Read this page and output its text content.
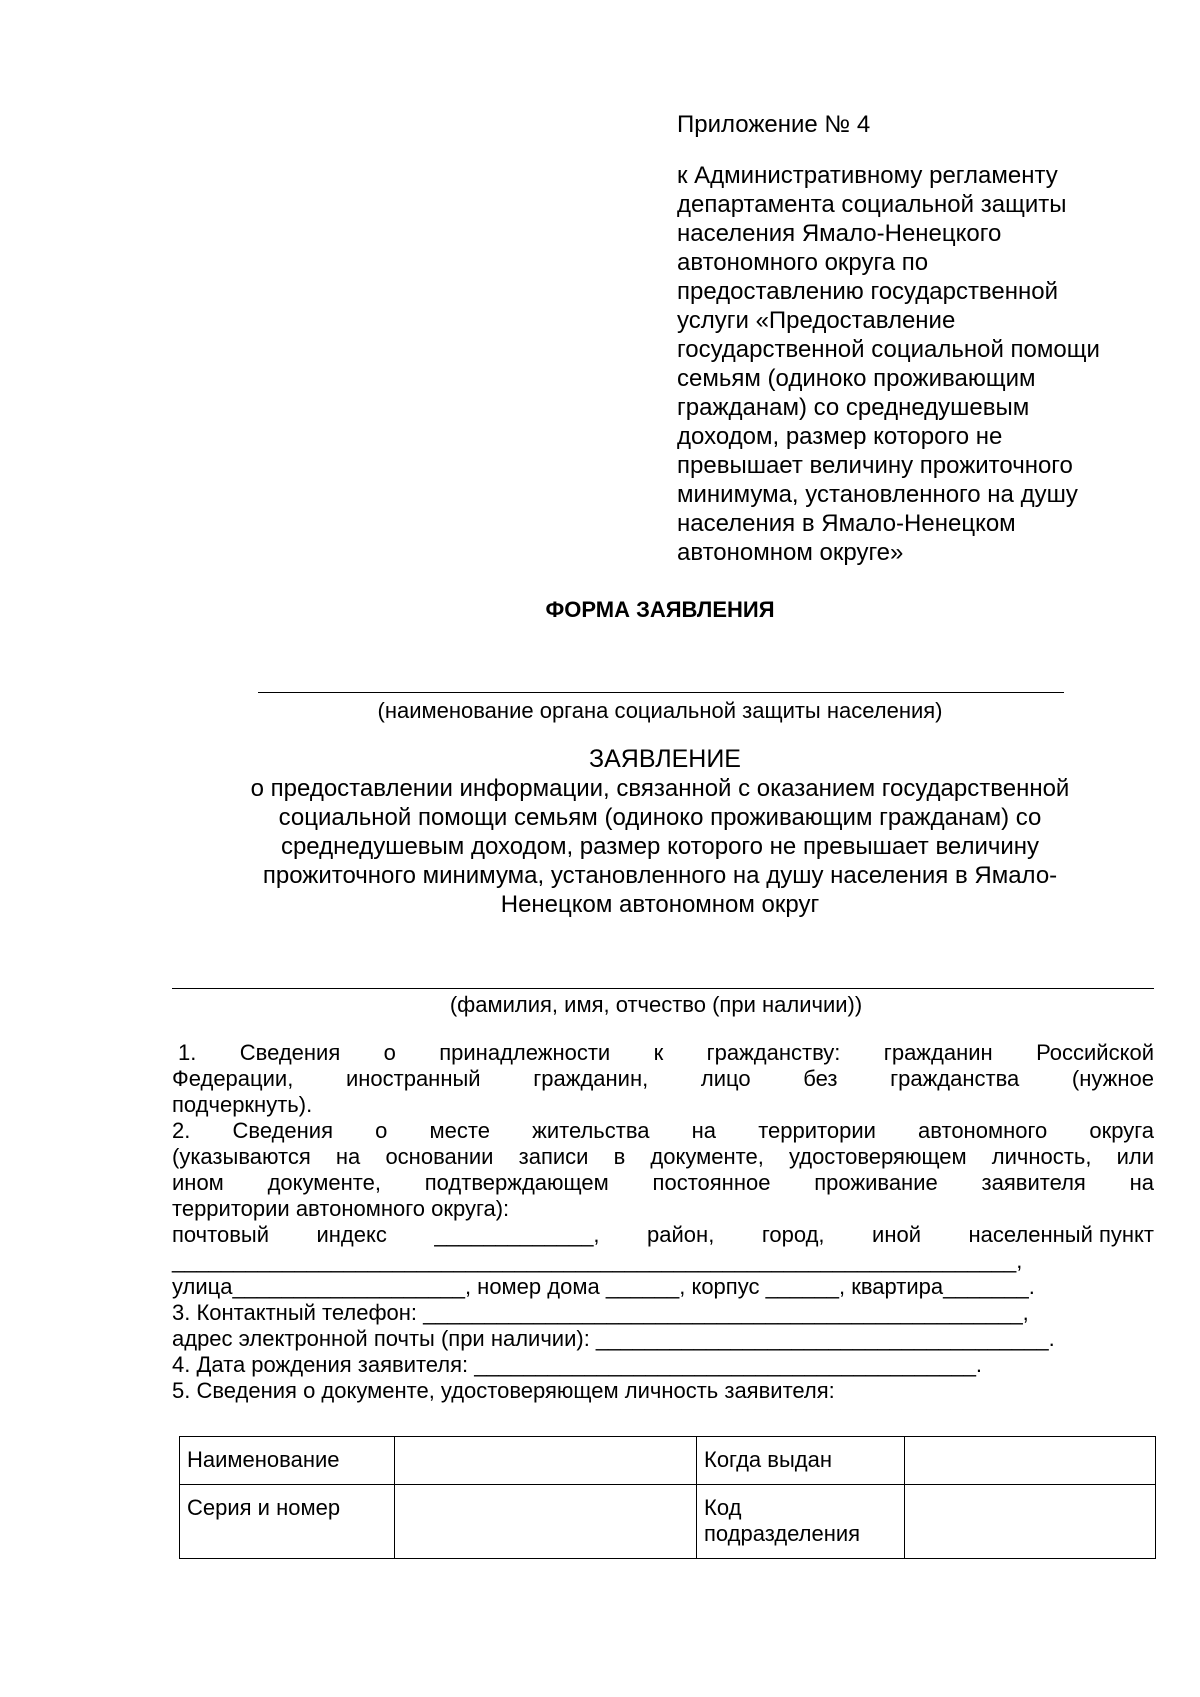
Приложение № 4
к Административному регламенту
департамента социальной защиты
населения Ямало-Ненецкого
автономного округа по
предоставлению государственной
услуги «Предоставление
государственной социальной помощи
семьям (одиноко проживающим
гражданам) со среднедушевым
доходом, размер которого не
превышает величину прожиточного
минимума, установленного на душу
населения в Ямало-Ненецком
автономном округе»
ФОРМА ЗАЯВЛЕНИЯ
(наименование органа социальной защиты населения)
ЗАЯВЛЕНИЕ
о предоставлении информации, связанной с оказанием государственной
социальной помощи семьям (одиноко проживающим гражданам) со
среднедушевым доходом, размер которого не превышает величину
прожиточного минимума, установленного на душу населения в Ямало-
Ненецком автономном округ
(фамилия, имя, отчество (при наличии))
1. Сведения о принадлежности к гражданству: гражданин Российской
Федерации, иностранный гражданин, лицо без гражданства (нужное
подчеркнуть).
2. Сведения о месте жительства на территории автономного округа
(указываются на основании записи в документе, удостоверяющем личность, или
ином документе, подтверждающем постоянное проживание заявителя на
территории автономного округа):
почтовый индекс _____________, район, город, иной населенный пункт
_____________________________________________________________________,
улица___________________, номер дома ______, корпус ______, квартира_______.
3. Контактный телефон: _________________________________________________,
адрес электронной почты (при наличии): _____________________________________.
4. Дата рождения заявителя: _________________________________________.
5. Сведения о документе, удостоверяющем личность заявителя:
Наименование		Когда выдан	
Серия и номер		Код подразделения	
